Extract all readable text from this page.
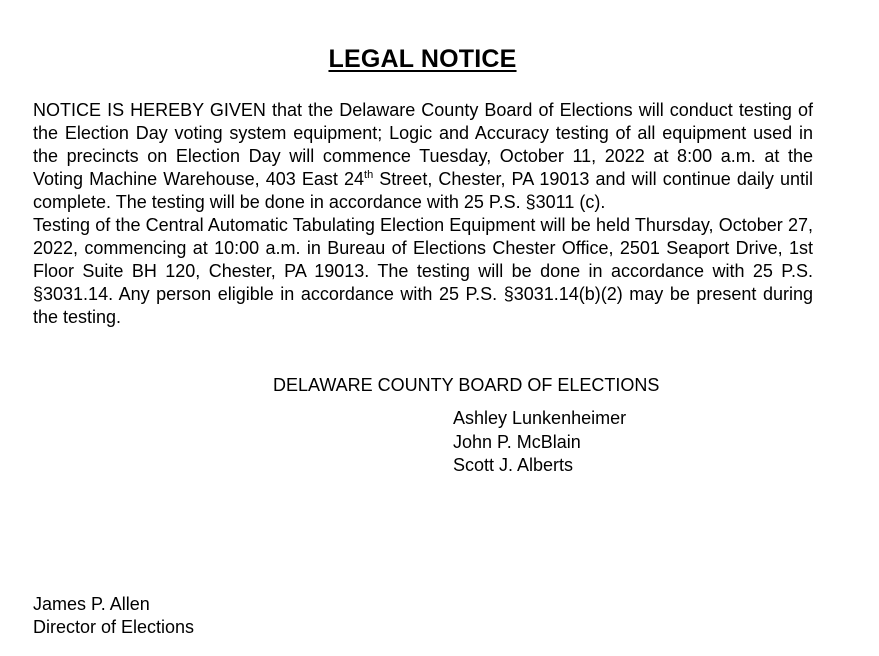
LEGAL NOTICE

NOTICE IS HEREBY GIVEN that the Delaware County Board of Elections will conduct testing of the Election Day voting system equipment; Logic and Accuracy testing of all equipment used in the precincts on Election Day will commence Tuesday, October 11, 2022 at 8:00 a.m. at the Voting Machine Warehouse, 403 East 24th Street, Chester, PA 19013 and will continue daily until complete. The testing will be done in accordance with 25 P.S. §3011 (c).

Testing of the Central Automatic Tabulating Election Equipment will be held Thursday, October 27, 2022, commencing at 10:00 a.m. in Bureau of Elections Chester Office, 2501 Seaport Drive, 1st Floor Suite BH 120, Chester, PA 19013. The testing will be done in accordance with 25 P.S. §3031.14. Any person eligible in accordance with 25 P.S. §3031.14(b)(2) may be present during the testing.

DELAWARE COUNTY BOARD OF ELECTIONS
Ashley Lunkenheimer
John P. McBlain
Scott J. Alberts
James P. Allen
Director of Elections
